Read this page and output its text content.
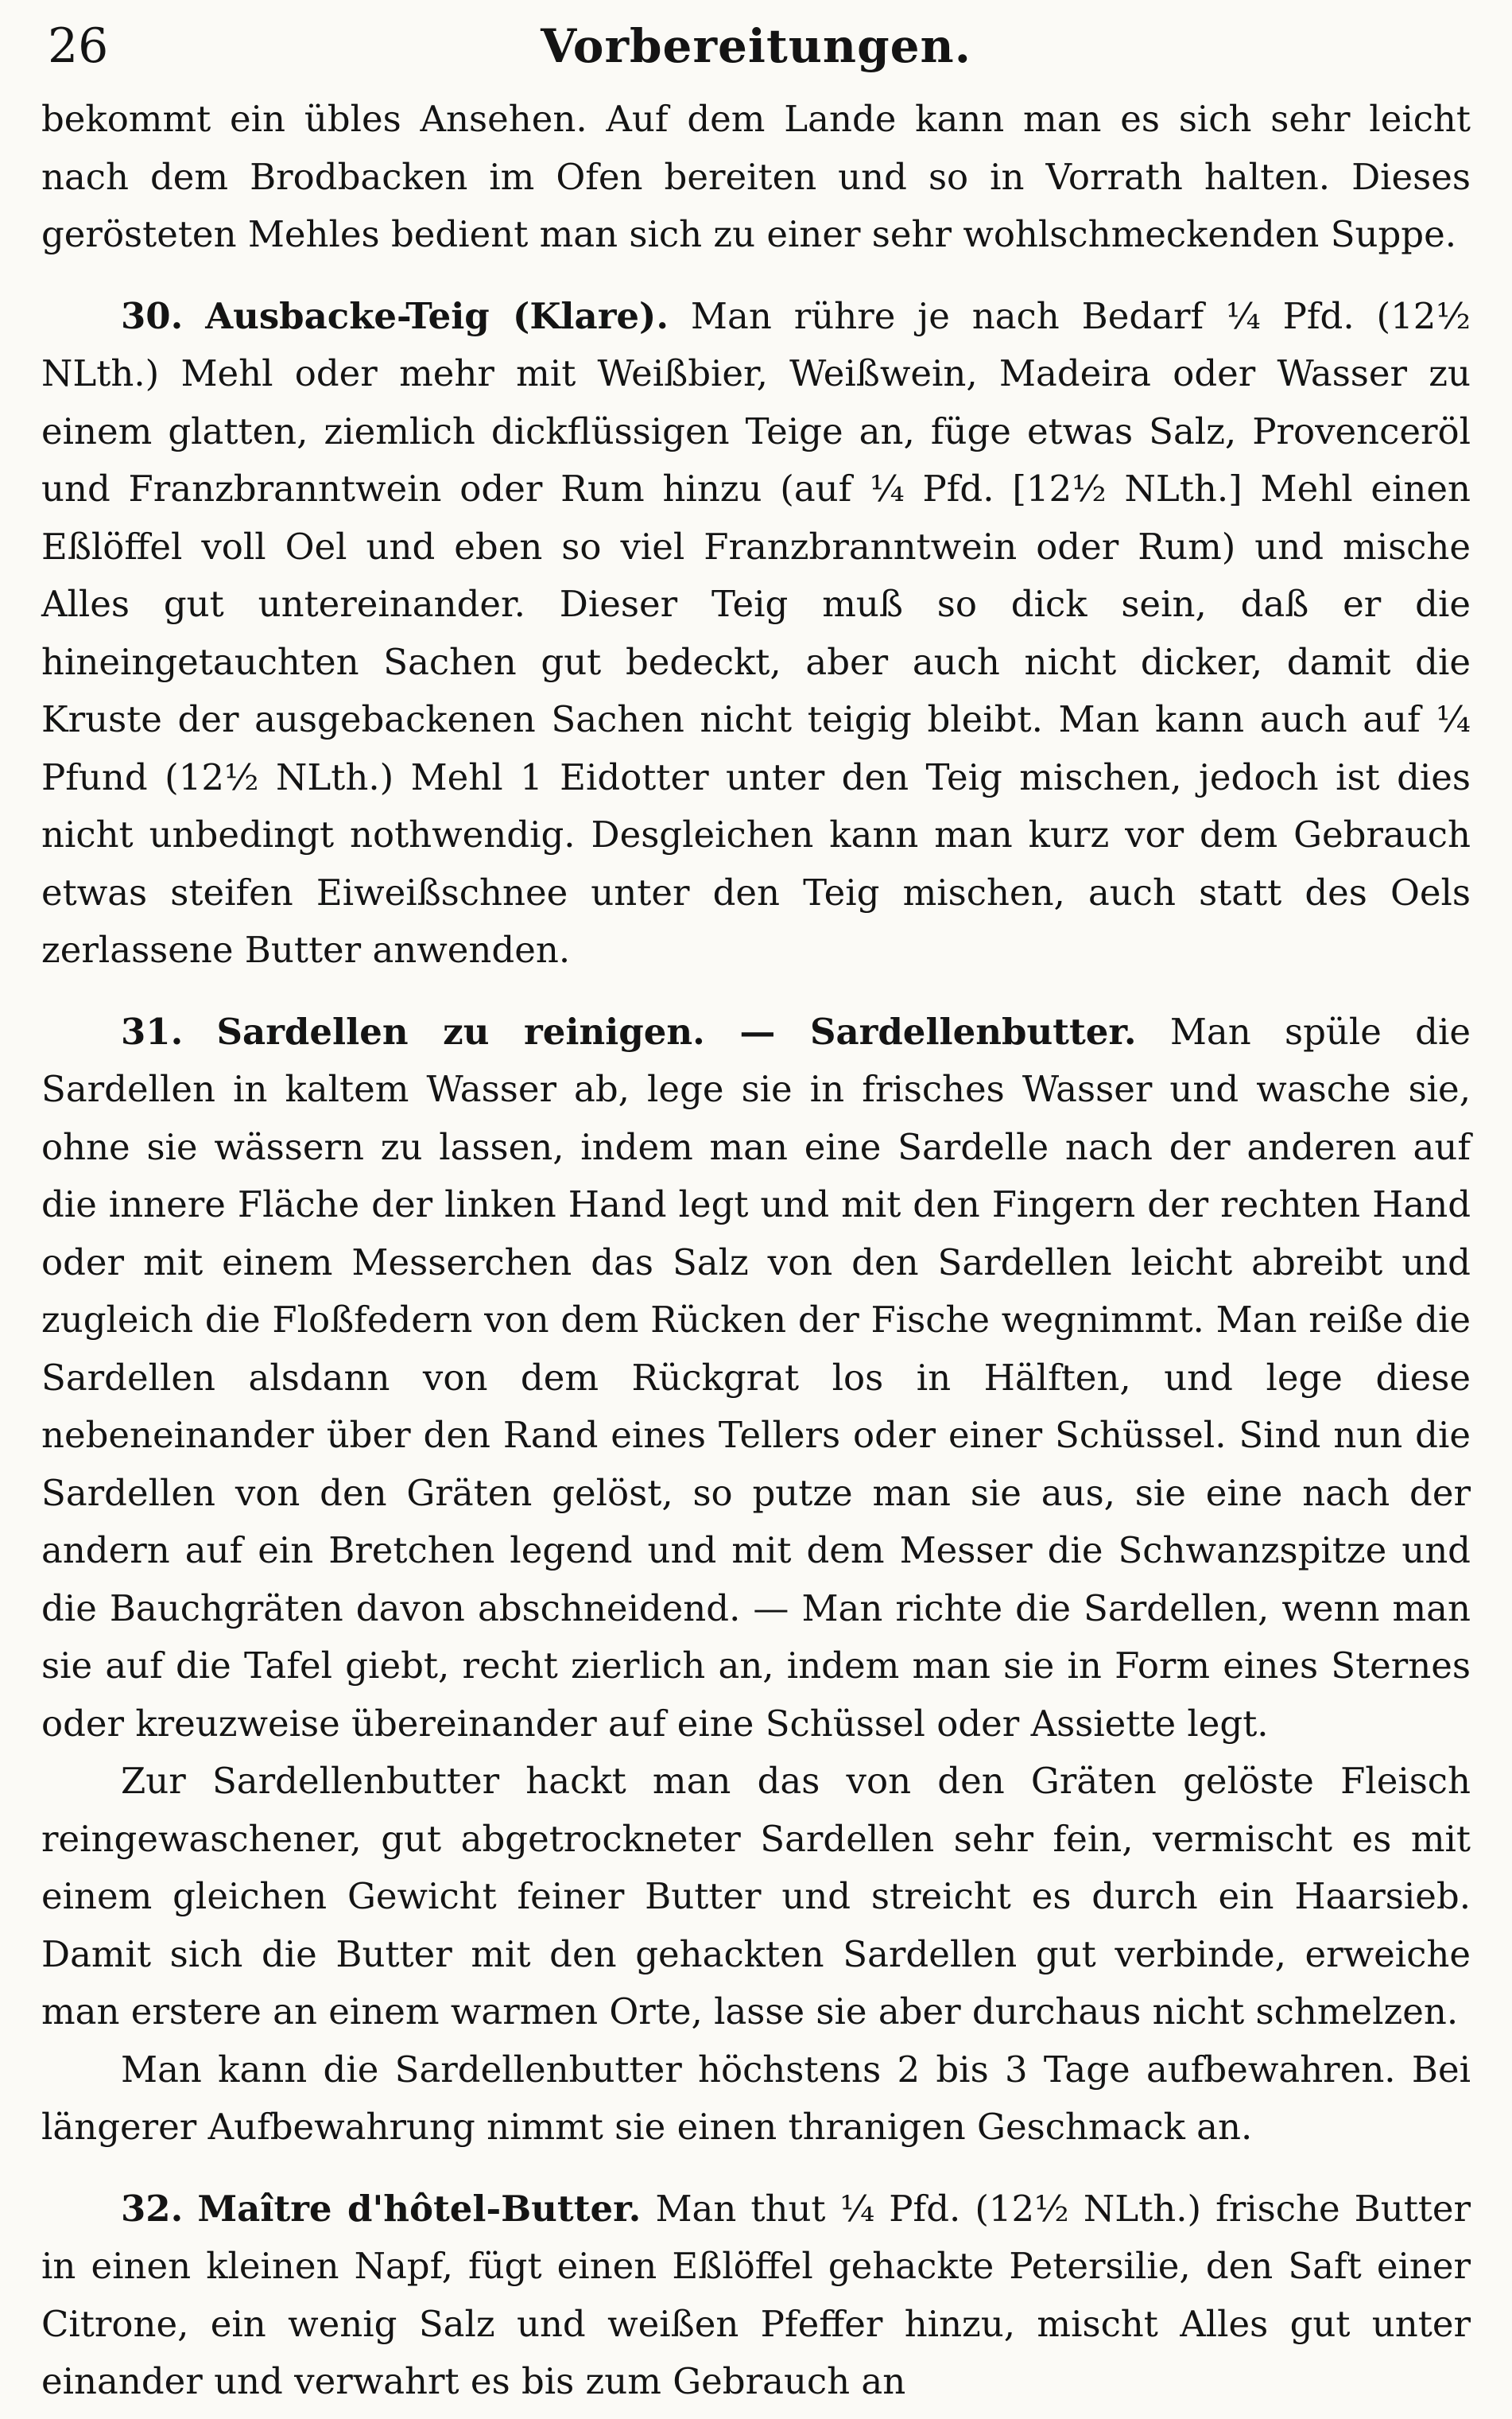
26	Vorbereitungen.

bekommt ein übles Ansehen. Auf dem Lande kann man es sich sehr leicht nach dem Brodbacken im Ofen bereiten und so in Vorrath halten. Dieses gerösteten Mehles bedient man sich zu einer sehr wohlschmeckenden Suppe.

30. Ausbacke-Teig (Klare). Man rühre je nach Bedarf ¼ Pfd. (12½ NLth.) Mehl oder mehr mit Weißbier, Weißwein, Madeira oder Wasser zu einem glatten, ziemlich dickflüssigen Teige an, füge etwas Salz, Provenceröl und Franzbranntwein oder Rum hinzu (auf ¼ Pfd. [12½ NLth.] Mehl einen Eßlöffel voll Oel und eben so viel Franzbranntwein oder Rum) und mische Alles gut untereinander. Dieser Teig muß so dick sein, daß er die hineingetauchten Sachen gut bedeckt, aber auch nicht dicker, damit die Kruste der ausgebackenen Sachen nicht teigig bleibt. Man kann auch auf ¼ Pfund (12½ NLth.) Mehl 1 Eidotter unter den Teig mischen, jedoch ist dies nicht unbedingt nothwendig. Desgleichen kann man kurz vor dem Gebrauch etwas steifen Eiweißschnee unter den Teig mischen, auch statt des Oels zerlassene Butter anwenden.

31. Sardellen zu reinigen. — Sardellenbutter. Man spüle die Sardellen in kaltem Wasser ab, lege sie in frisches Wasser und wasche sie, ohne sie wässern zu lassen, indem man eine Sardelle nach der anderen auf die innere Fläche der linken Hand legt und mit den Fingern der rechten Hand oder mit einem Messerchen das Salz von den Sardellen leicht abreibt und zugleich die Floßfedern von dem Rücken der Fische wegnimmt. Man reiße die Sardellen alsdann von dem Rückgrat los in Hälften, und lege diese nebeneinander über den Rand eines Tellers oder einer Schüssel. Sind nun die Sardellen von den Gräten gelöst, so putze man sie aus, sie eine nach der andern auf ein Bretchen legend und mit dem Messer die Schwanzspitze und die Bauchgräten davon abschneidend. — Man richte die Sardellen, wenn man sie auf die Tafel giebt, recht zierlich an, indem man sie in Form eines Sternes oder kreuzweise übereinander auf eine Schüssel oder Assiette legt.

Zur Sardellenbutter hackt man das von den Gräten gelöste Fleisch reingewaschener, gut abgetrockneter Sardellen sehr fein, vermischt es mit einem gleichen Gewicht feiner Butter und streicht es durch ein Haarsieb. Damit sich die Butter mit den gehackten Sardellen gut verbinde, erweiche man erstere an einem warmen Orte, lasse sie aber durchaus nicht schmelzen.

Man kann die Sardellenbutter höchstens 2 bis 3 Tage aufbewahren. Bei längerer Aufbewahrung nimmt sie einen thranigen Geschmack an.

32. Maître d'hôtel-Butter. Man thut ¼ Pfd. (12½ NLth.) frische Butter in einen kleinen Napf, fügt einen Eßlöffel gehackte Petersilie, den Saft einer Citrone, ein wenig Salz und weißen Pfeffer hinzu, mischt Alles gut unter einander und verwahrt es bis zum Gebrauch an
